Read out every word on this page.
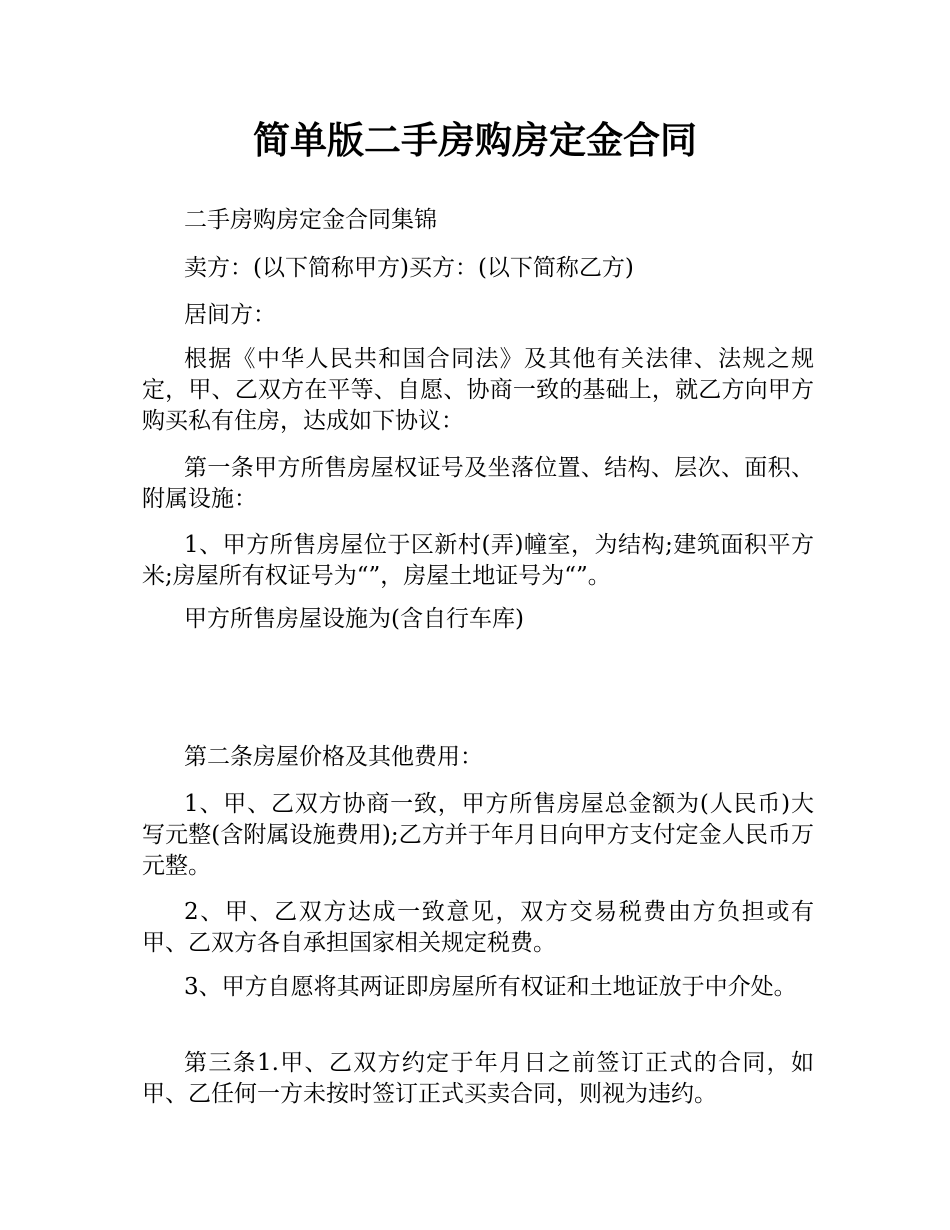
简单版二手房购房定金合同

二手房购房定金合同集锦

卖方：(以下简称甲方)买方：(以下简称乙方)

居间方：

根据《中华人民共和国合同法》及其他有关法律、法规之规定，甲、乙双方在平等、自愿、协商一致的基础上，就乙方向甲方购买私有住房，达成如下协议：

第一条甲方所售房屋权证号及坐落位置、结构、层次、面积、附属设施：

1、甲方所售房屋位于区新村(弄)幢室，为结构;建筑面积平方米;房屋所有权证号为“”，房屋土地证号为“”。

甲方所售房屋设施为(含自行车库)

第二条房屋价格及其他费用：

1、甲、乙双方协商一致，甲方所售房屋总金额为(人民币)大写元整(含附属设施费用);乙方并于年月日向甲方支付定金人民币万元整。

2、甲、乙双方达成一致意见，双方交易税费由方负担或有甲、乙双方各自承担国家相关规定税费。

3、甲方自愿将其两证即房屋所有权证和土地证放于中介处。

第三条1.甲、乙双方约定于年月日之前签订正式的合同，如甲、乙任何一方未按时签订正式买卖合同，则视为违约。
